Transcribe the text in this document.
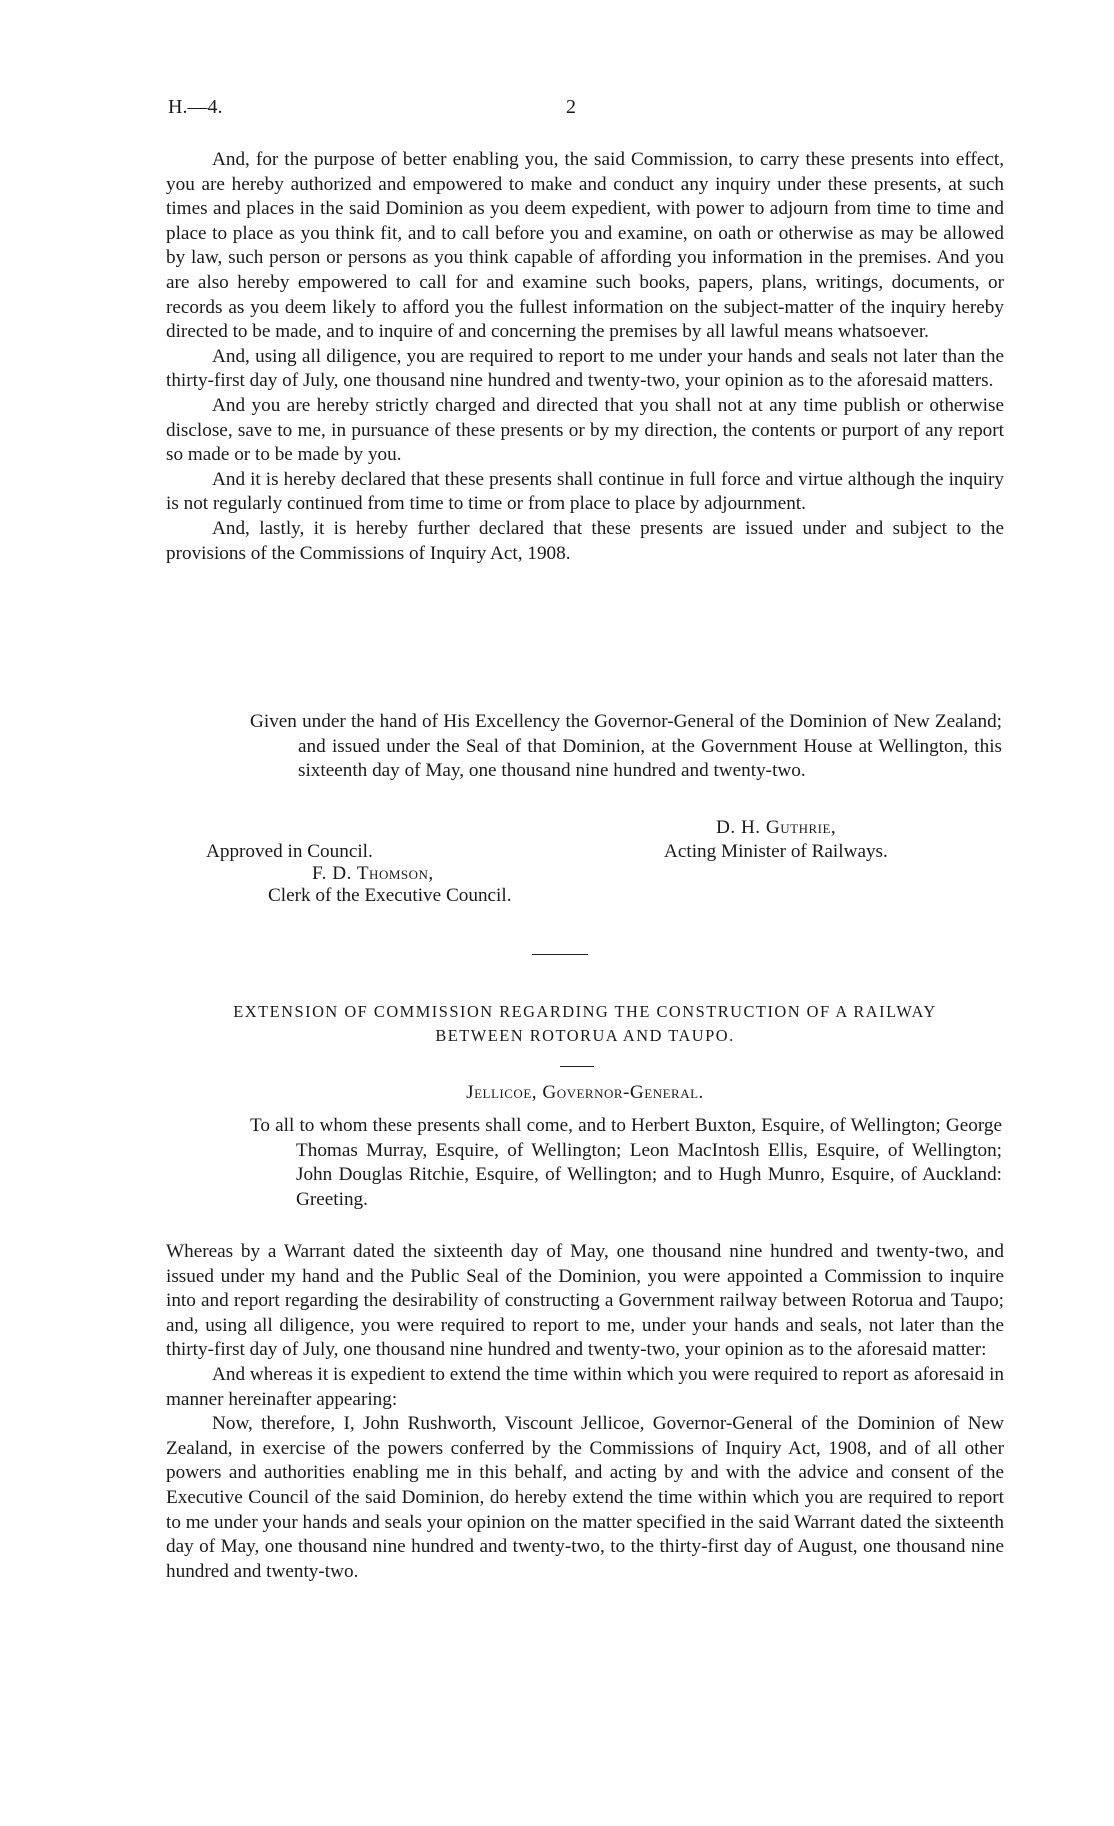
H.—4.	2

And, for the purpose of better enabling you, the said Commission, to carry these presents into effect, you are hereby authorized and empowered to make and conduct any inquiry under these presents, at such times and places in the said Dominion as you deem expedient, with power to adjourn from time to time and place to place as you think fit, and to call before you and examine, on oath or otherwise as may be allowed by law, such person or persons as you think capable of affording you information in the premises. And you are also hereby empowered to call for and examine such books, papers, plans, writings, documents, or records as you deem likely to afford you the fullest information on the subject-matter of the inquiry hereby directed to be made, and to inquire of and concerning the premises by all lawful means whatsoever.

And, using all diligence, you are required to report to me under your hands and seals not later than the thirty-first day of July, one thousand nine hundred and twenty-two, your opinion as to the aforesaid matters.

And you are hereby strictly charged and directed that you shall not at any time publish or otherwise disclose, save to me, in pursuance of these presents or by my direction, the contents or purport of any report so made or to be made by you.

And it is hereby declared that these presents shall continue in full force and virtue although the inquiry is not regularly continued from time to time or from place to place by adjournment.

And, lastly, it is hereby further declared that these presents are issued under and subject to the provisions of the Commissions of Inquiry Act, 1908.

Given under the hand of His Excellency the Governor-General of the Dominion of New Zealand; and issued under the Seal of that Dominion, at the Government House at Wellington, this sixteenth day of May, one thousand nine hundred and twenty-two.

D. H. Guthrie,
Approved in Council.	Acting Minister of Railways.
F. D. Thomson,
Clerk of the Executive Council.
EXTENSION OF COMMISSION REGARDING THE CONSTRUCTION OF A RAILWAY
BETWEEN ROTORUA AND TAUPO.
Jellicoe, Governor-General.

To all to whom these presents shall come, and to Herbert Buxton, Esquire, of Wellington; George Thomas Murray, Esquire, of Wellington; Leon MacIntosh Ellis, Esquire, of Wellington; John Douglas Ritchie, Esquire, of Wellington; and to Hugh Munro, Esquire, of Auckland: Greeting.

Whereas by a Warrant dated the sixteenth day of May, one thousand nine hundred and twenty-two, and issued under my hand and the Public Seal of the Dominion, you were appointed a Commission to inquire into and report regarding the desirability of constructing a Government railway between Rotorua and Taupo; and, using all diligence, you were required to report to me, under your hands and seals, not later than the thirty-first day of July, one thousand nine hundred and twenty-two, your opinion as to the aforesaid matter:

And whereas it is expedient to extend the time within which you were required to report as aforesaid in manner hereinafter appearing:

Now, therefore, I, John Rushworth, Viscount Jellicoe, Governor-General of the Dominion of New Zealand, in exercise of the powers conferred by the Commissions of Inquiry Act, 1908, and of all other powers and authorities enabling me in this behalf, and acting by and with the advice and consent of the Executive Council of the said Dominion, do hereby extend the time within which you are required to report to me under your hands and seals your opinion on the matter specified in the said Warrant dated the sixteenth day of May, one thousand nine hundred and twenty-two, to the thirty-first day of August, one thousand nine hundred and twenty-two.
